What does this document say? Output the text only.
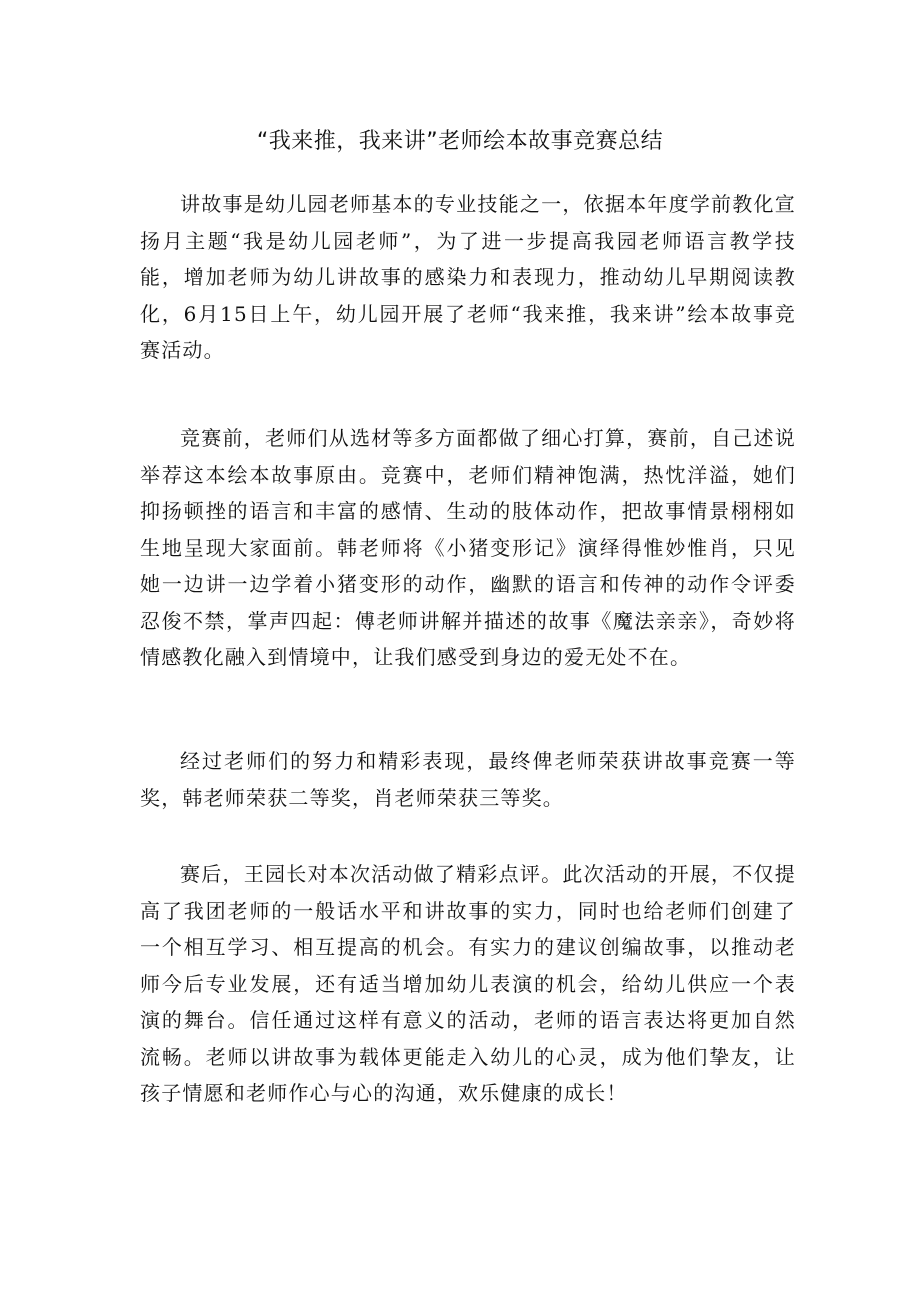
“我来推，我来讲”老师绘本故事竞赛总结

讲故事是幼儿园老师基本的专业技能之一，依据本年度学前教化宣扬月主题“我是幼儿园老师”，为了进一步提高我园老师语言教学技能，增加老师为幼儿讲故事的感染力和表现力，推动幼儿早期阅读教化，6月15日上午，幼儿园开展了老师“我来推，我来讲”绘本故事竞赛活动。

竞赛前，老师们从选材等多方面都做了细心打算，赛前，自己述说举荐这本绘本故事原由。竞赛中，老师们精神饱满，热忱洋溢，她们抑扬顿挫的语言和丰富的感情、生动的肢体动作，把故事情景栩栩如生地呈现大家面前。韩老师将《小猪变形记》演绎得惟妙惟肖，只见她一边讲一边学着小猪变形的动作，幽默的语言和传神的动作令评委忍俊不禁，掌声四起：傅老师讲解并描述的故事《魔法亲亲》，奇妙将情感教化融入到情境中，让我们感受到身边的爱无处不在。

经过老师们的努力和精彩表现，最终俾老师荣获讲故事竞赛一等奖，韩老师荣获二等奖，肖老师荣获三等奖。

赛后，王园长对本次活动做了精彩点评。此次活动的开展，不仅提高了我团老师的一般话水平和讲故事的实力，同时也给老师们创建了一个相互学习、相互提高的机会。有实力的建议创编故事，以推动老师今后专业发展，还有适当增加幼儿表演的机会，给幼儿供应一个表演的舞台。信任通过这样有意义的活动，老师的语言表达将更加自然流畅。老师以讲故事为载体更能走入幼儿的心灵，成为他们挚友，让孩子情愿和老师作心与心的沟通，欢乐健康的成长！
